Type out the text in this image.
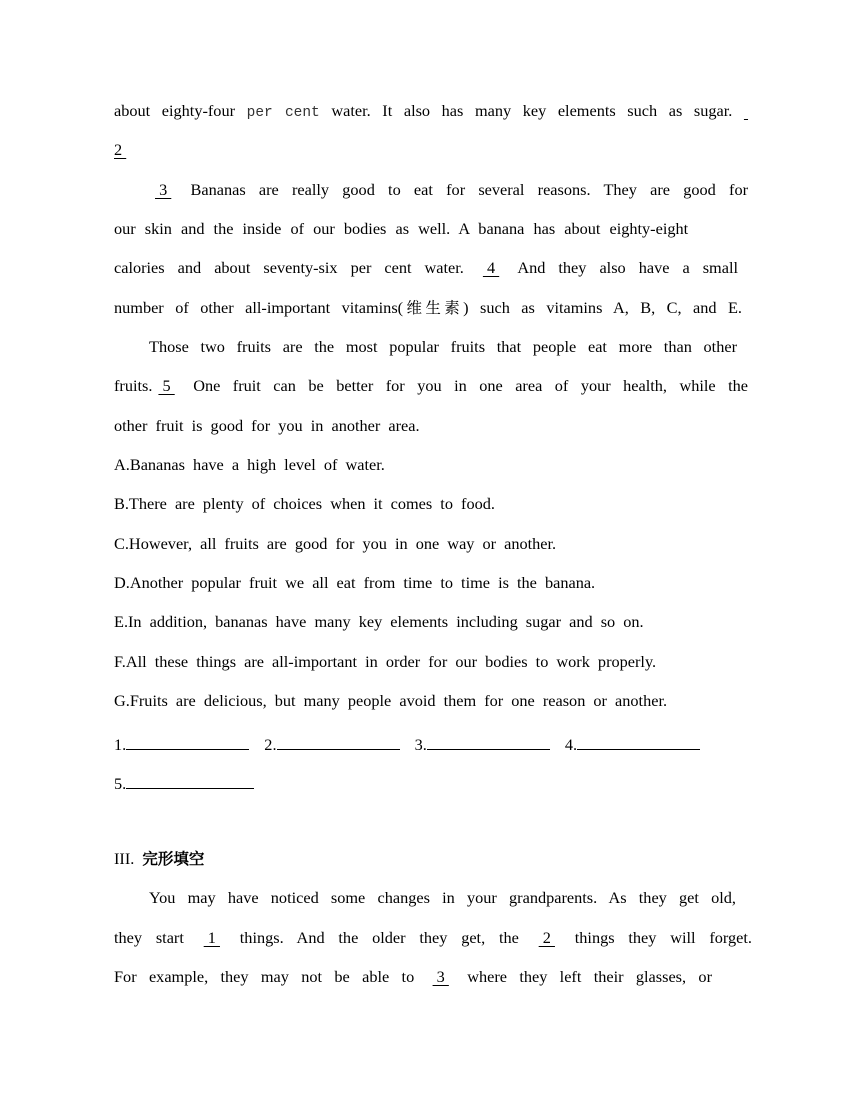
about eighty-four per cent water. It also has many key elements such as sugar.
2
3  Bananas are really good to eat for several reasons. They are good for
our skin and the inside of our bodies as well. A banana has about eighty-eight
calories and about seventy-six per cent water.  4  And they also have a small
number of other all-important vitamins(维生素) such as vitamins A, B, C, and E.
Those two fruits are the most popular fruits that people eat more than other
fruits. 5  One fruit can be better for you in one area of your health, while the
other fruit is good for you in another area.
A.Bananas have a high level of water.
B.There are plenty of choices when it comes to food.
C.However, all fruits are good for you in one way or another.
D.Another popular fruit we all eat from time to time is the banana.
E.In addition, bananas have many key elements including sugar and so on.
F.All these things are all-important in order for our bodies to work properly.
G.Fruits are delicious, but many people avoid them for one reason or another.
1.	2.	3.	4.
5.
III. 完形填空
You may have noticed some changes in your grandparents. As they get old,
they start  1  things. And the older they get, the  2  things they will forget.
For example, they may not be able to  3  where they left their glasses, or
